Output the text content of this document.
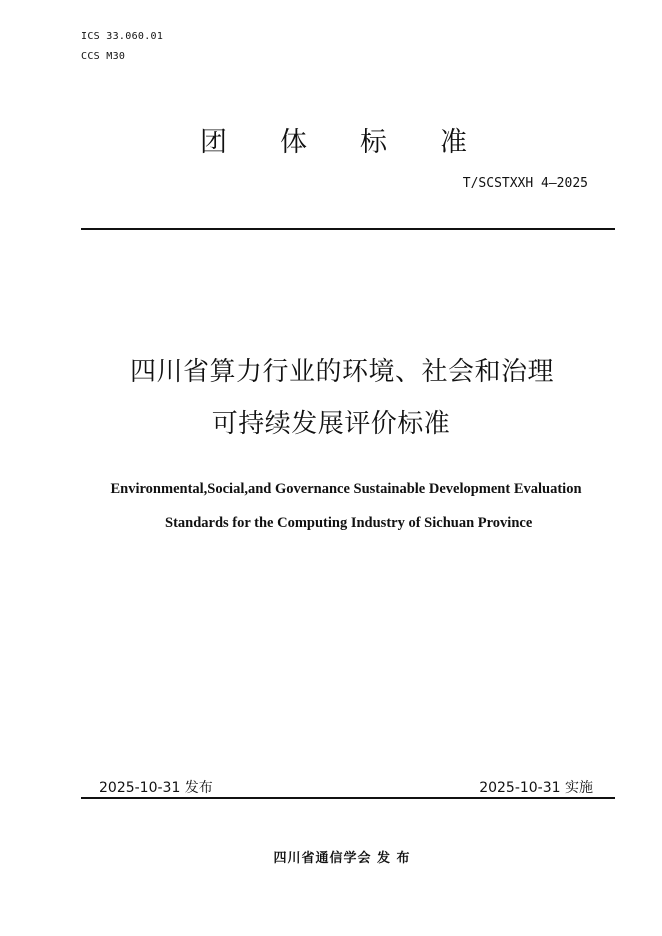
ICS 33.060.01
CCS M30
团体标准
T/SCSTXXH 4—2025
四川省算力行业的环境、社会和治理
可持续发展评价标准
Environmental,Social,and Governance Sustainable Development Evaluation
Standards for the Computing Industry of Sichuan Province
2025-10-31 发布	2025-10-31 实施
四川省通信学会 发 布
